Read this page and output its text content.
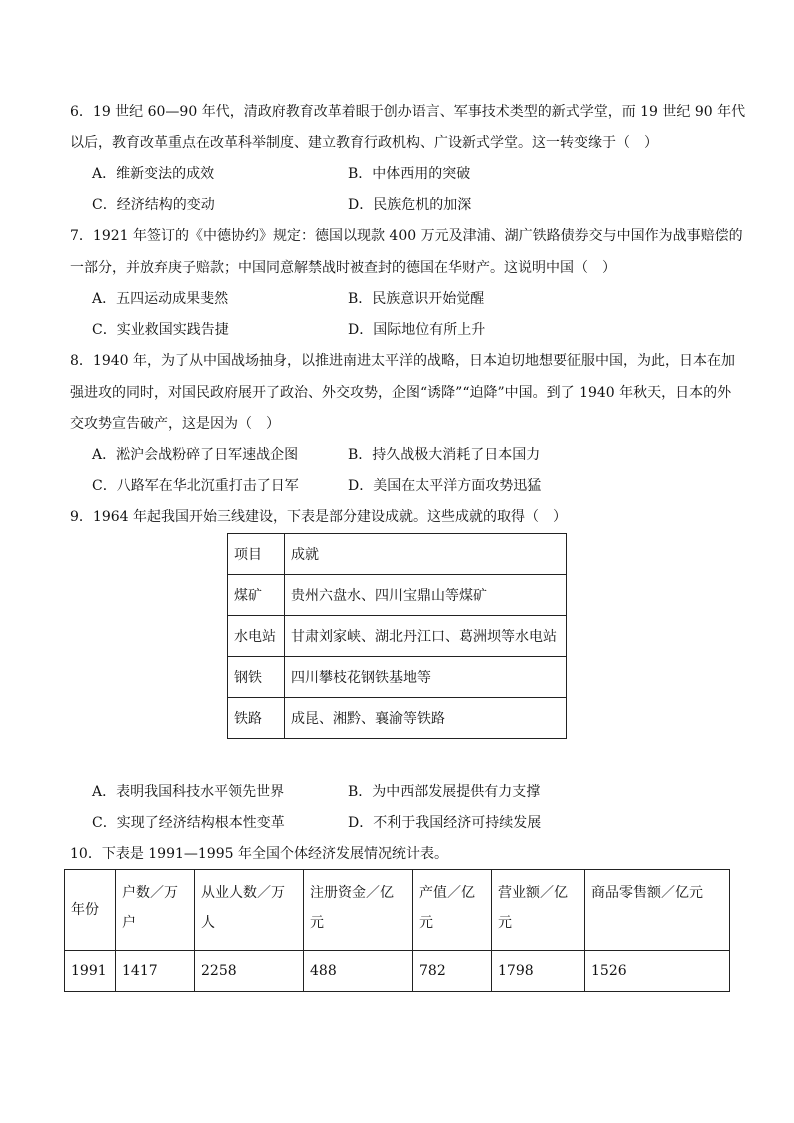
6．19 世纪 60—90 年代，清政府教育改革着眼于创办语言、军事技术类型的新式学堂，而 19 世纪 90 年代
以后，教育改革重点在改革科举制度、建立教育行政机构、广设新式学堂。这一转变缘于（　）
A．维新变法的成效	B．中体西用的突破
C．经济结构的变动	D．民族危机的加深
7．1921 年签订的《中德协约》规定：德国以现款 400 万元及津浦、湖广铁路债券交与中国作为战事赔偿的
一部分，并放弃庚子赔款；中国同意解禁战时被查封的德国在华财产。这说明中国（　）
A．五四运动成果斐然	B．民族意识开始觉醒
C．实业救国实践告捷	D．国际地位有所上升
8．1940 年，为了从中国战场抽身，以推进南进太平洋的战略，日本迫切地想要征服中国，为此，日本在加
强进攻的同时，对国民政府展开了政治、外交攻势，企图“诱降”“迫降”中国。到了 1940 年秋天，日本的外
交攻势宣告破产，这是因为（　）
A．淞沪会战粉碎了日军速战企图	B．持久战极大消耗了日本国力
C．八路军在华北沉重打击了日军	D．美国在太平洋方面攻势迅猛
9．1964 年起我国开始三线建设，下表是部分建设成就。这些成就的取得（　）
项目	成就
煤矿	贵州六盘水、四川宝鼎山等煤矿
水电站	甘肃刘家峡、湖北丹江口、葛洲坝等水电站
钢铁	四川攀枝花钢铁基地等
铁路	成昆、湘黔、襄渝等铁路
A．表明我国科技水平领先世界	B．为中西部发展提供有力支撑
C．实现了经济结构根本性变革	D．不利于我国经济可持续发展
10．下表是 1991—1995 年全国个体经济发展情况统计表。
年份	户数／万户	从业人数／万人	注册资金／亿元	产值／亿元	营业额／亿元	商品零售额／亿元
1991	1417	2258	488	782	1798	1526
